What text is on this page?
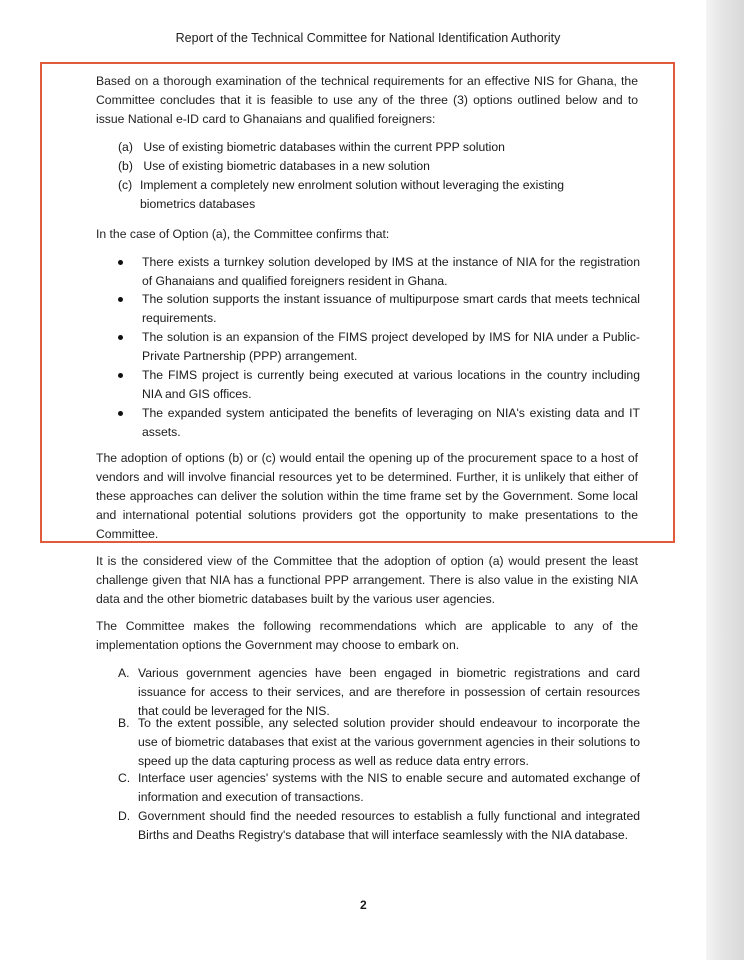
Report of the Technical Committee for National Identification Authority
Based on a thorough examination of the technical requirements for an effective NIS for Ghana, the Committee concludes that it is feasible to use any of the three (3) options outlined below and to issue National e-ID card to Ghanaians and qualified foreigners:
(a) Use of existing biometric databases within the current PPP solution
(b) Use of existing biometric databases in a new solution
(c) Implement a completely new enrolment solution without leveraging the existing biometrics databases
In the case of Option (a), the Committee confirms that:
There exists a turnkey solution developed by IMS at the instance of NIA for the registration of Ghanaians and qualified foreigners resident in Ghana.
The solution supports the instant issuance of multipurpose smart cards that meets technical requirements.
The solution is an expansion of the FIMS project developed by IMS for NIA under a Public-Private Partnership (PPP) arrangement.
The FIMS project is currently being executed at various locations in the country including NIA and GIS offices.
The expanded system anticipated the benefits of leveraging on NIA's existing data and IT assets.
The adoption of options (b) or (c) would entail the opening up of the procurement space to a host of vendors and will involve financial resources yet to be determined. Further, it is unlikely that either of these approaches can deliver the solution within the time frame set by the Government. Some local and international potential solutions providers got the opportunity to make presentations to the Committee.
It is the considered view of the Committee that the adoption of option (a) would present the least challenge given that NIA has a functional PPP arrangement. There is also value in the existing NIA data and the other biometric databases built by the various user agencies.
The Committee makes the following recommendations which are applicable to any of the implementation options the Government may choose to embark on.
A. Various government agencies have been engaged in biometric registrations and card issuance for access to their services, and are therefore in possession of certain resources that could be leveraged for the NIS.
B. To the extent possible, any selected solution provider should endeavour to incorporate the use of biometric databases that exist at the various government agencies in their solutions to speed up the data capturing process as well as reduce data entry errors.
C. Interface user agencies' systems with the NIS to enable secure and automated exchange of information and execution of transactions.
D. Government should find the needed resources to establish a fully functional and integrated Births and Deaths Registry's database that will interface seamlessly with the NIA database.
2
